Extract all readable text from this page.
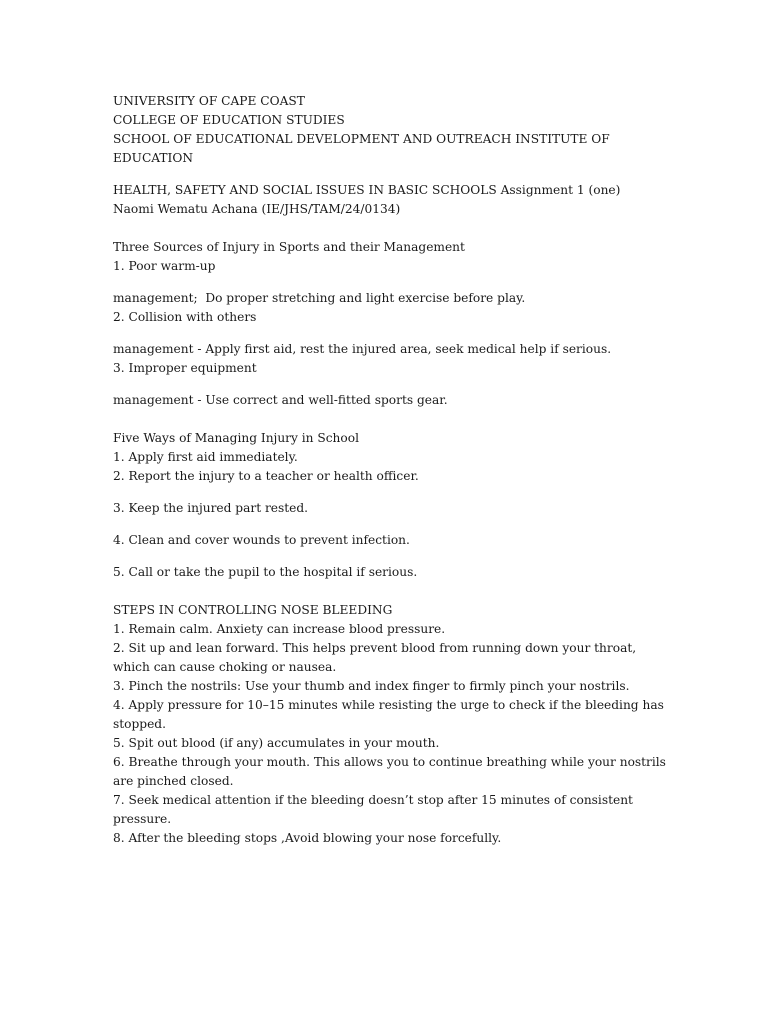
UNIVERSITY OF CAPE COAST
COLLEGE OF EDUCATION STUDIES
SCHOOL OF EDUCATIONAL DEVELOPMENT AND OUTREACH INSTITUTE OF EDUCATION
HEALTH, SAFETY AND SOCIAL ISSUES IN BASIC SCHOOLS Assignment 1 (one)
Naomi Wematu Achana (IE/JHS/TAM/24/0134)
Three Sources of Injury in Sports and their Management
1. Poor warm-up
management;  Do proper stretching and light exercise before play.
2. Collision with others
management - Apply first aid, rest the injured area, seek medical help if serious.
3. Improper equipment
management - Use correct and well-fitted sports gear.
Five Ways of Managing Injury in School
1. Apply first aid immediately.
2. Report the injury to a teacher or health officer.
3. Keep the injured part rested.
4. Clean and cover wounds to prevent infection.
5. Call or take the pupil to the hospital if serious.
STEPS IN CONTROLLING NOSE BLEEDING
1. Remain calm. Anxiety can increase blood pressure.
2. Sit up and lean forward. This helps prevent blood from running down your throat, which can cause choking or nausea.
3. Pinch the nostrils: Use your thumb and index finger to firmly pinch your nostrils.
4. Apply pressure for 10–15 minutes while resisting the urge to check if the bleeding has stopped.
5. Spit out blood (if any) accumulates in your mouth.
6. Breathe through your mouth. This allows you to continue breathing while your nostrils are pinched closed.
7. Seek medical attention if the bleeding doesn’t stop after 15 minutes of consistent pressure.
8. After the bleeding stops ,Avoid blowing your nose forcefully.
